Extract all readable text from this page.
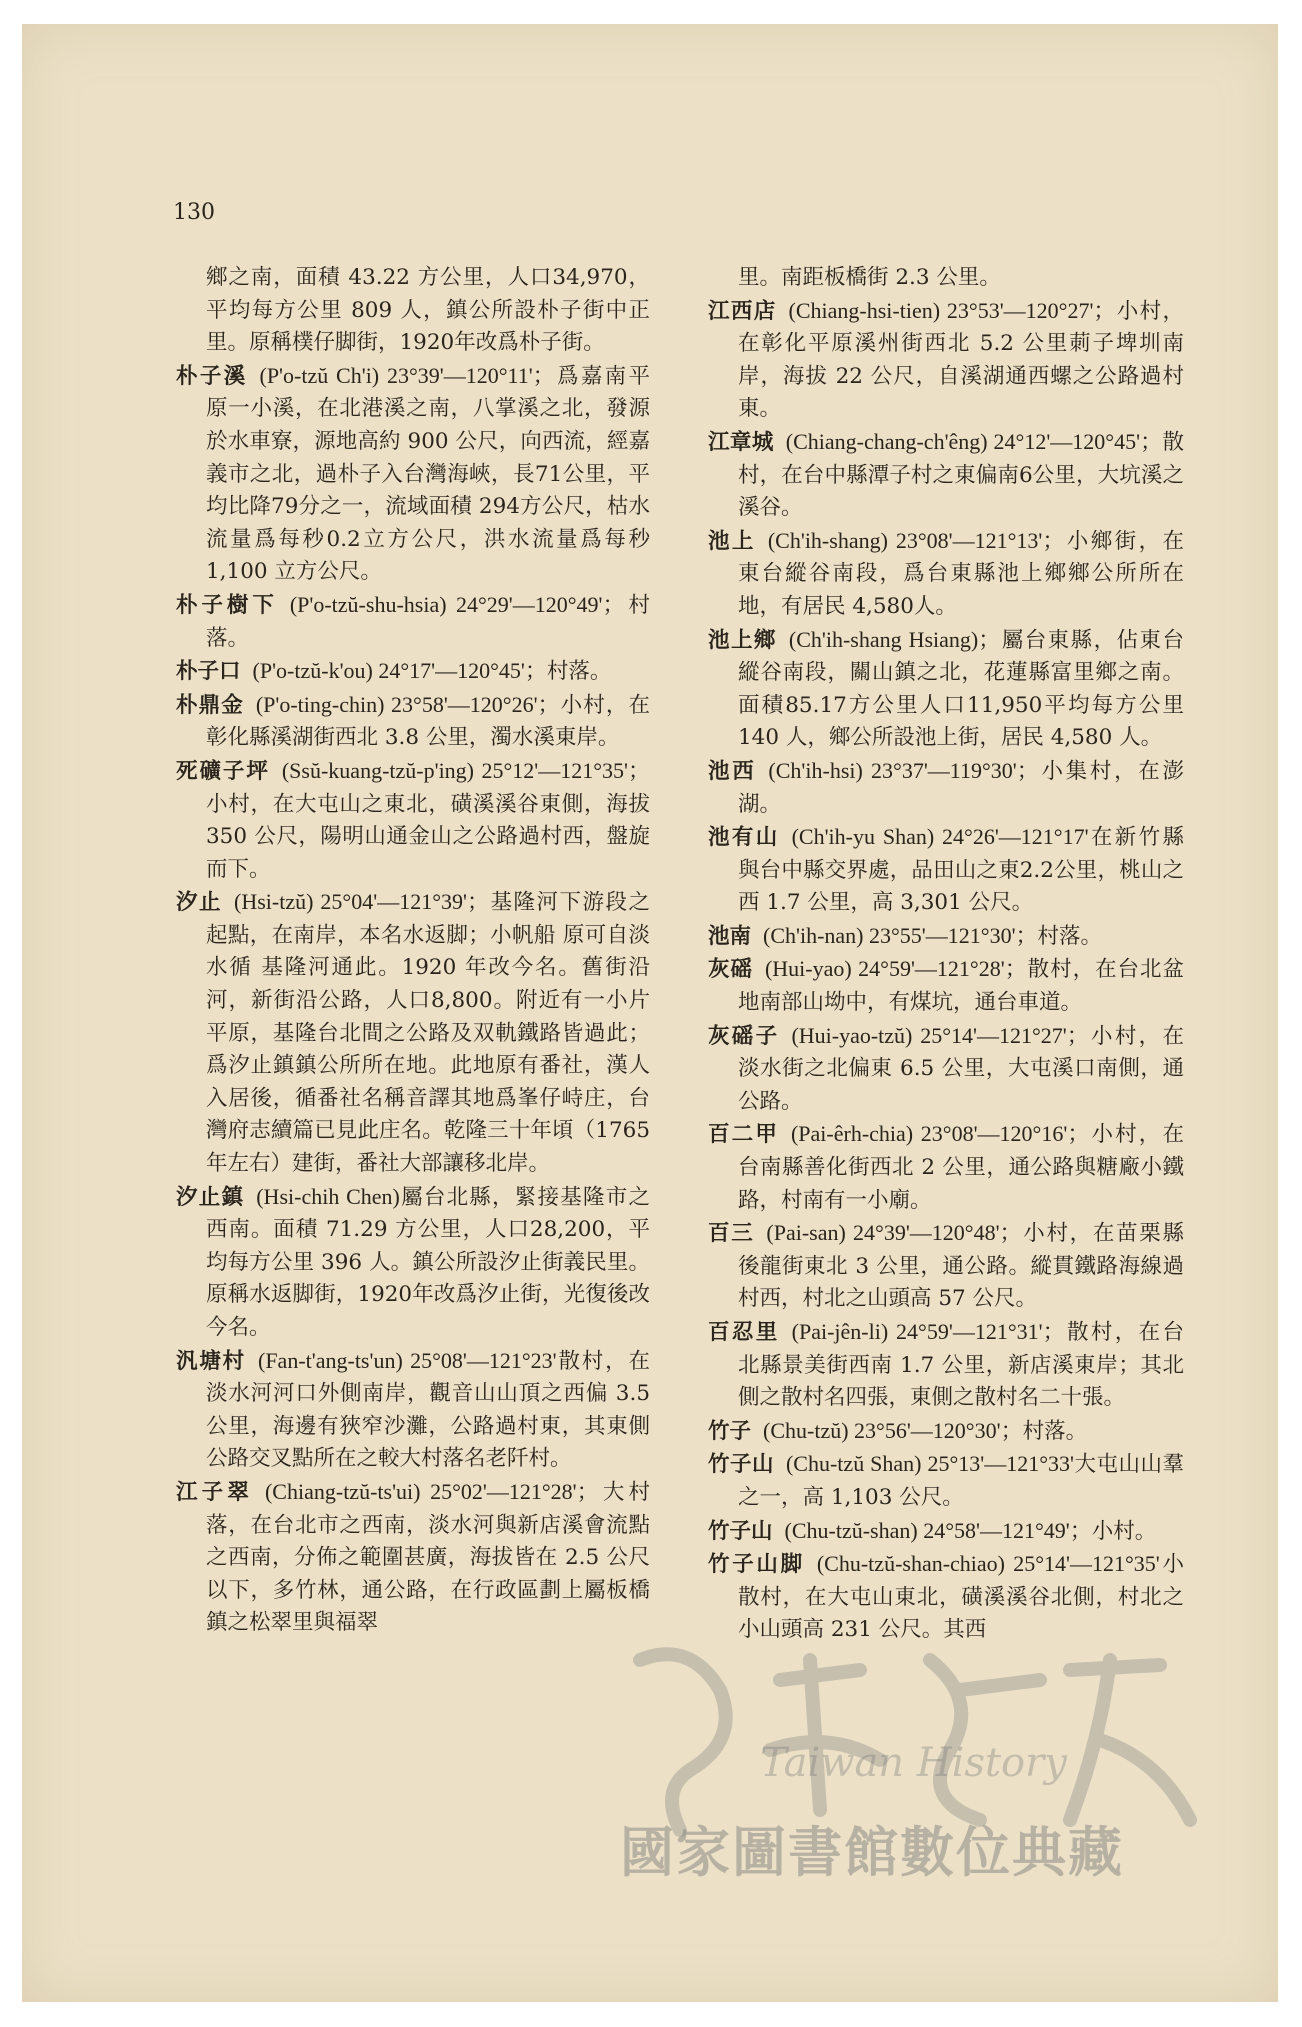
130

鄉之南，面積 43.22 方公里，人口34,970，平均每方公里 809 人，鎮公所設朴子街中正里。原稱樸仔脚街，1920年改爲朴子街。

朴子溪 (P'o-tzŭ Ch'i) 23°39'—120°11'；爲嘉南平原一小溪，在北港溪之南，八掌溪之北，發源於水車寮，源地高約 900 公尺，向西流，經嘉義市之北，過朴子入台灣海峽，長71公里，平均比降79分之一，流域面積 294方公尺，枯水流量爲每秒0.2立方公尺，洪水流量爲每秒 1,100 立方公尺。

朴子樹下 (P'o-tzŭ-shu-hsia) 24°29'—120°49'；村落。

朴子口 (P'o-tzŭ-k'ou) 24°17'—120°45'；村落。

朴鼎金 (P'o-ting-chin) 23°58'—120°26'；小村，在彰化縣溪湖街西北 3.8 公里，濁水溪東岸。

死礦子坪 (Ssŭ-kuang-tzŭ-p'ing) 25°12'—121°35'；小村，在大屯山之東北，磺溪溪谷東側，海拔 350 公尺，陽明山通金山之公路過村西，盤旋而下。

汐止 (Hsi-tzŭ) 25°04'—121°39'；基隆河下游段之起點，在南岸，本名水返脚；小帆船 原可自淡水循 基隆河通此。1920 年改今名。舊街沿河，新街沿公路，人口8,800。附近有一小片平原，基隆台北間之公路及双軌鐵路皆過此；爲汐止鎮鎮公所所在地。此地原有番社，漢人入居後，循番社名稱音譯其地爲峯仔峙庄，台灣府志續篇已見此庄名。乾隆三十年頃（1765年左右）建街，番社大部讓移北岸。

汐止鎮 (Hsi-chih Chen)屬台北縣，緊接基隆市之西南。面積 71.29 方公里，人口28,200，平均每方公里 396 人。鎮公所設汐止街義民里。原稱水返脚街，1920年改爲汐止街，光復後改今名。

汎塘村 (Fan-t'ang-ts'un) 25°08'—121°23'散村，在淡水河河口外側南岸，觀音山山頂之西偏 3.5 公里，海邊有狹窄沙灘，公路過村東，其東側公路交叉點所在之較大村落名老阡村。

江子翠 (Chiang-tzŭ-ts'ui) 25°02'—121°28'；大村落，在台北市之西南，淡水河與新店溪會流點之西南，分佈之範圍甚廣，海拔皆在 2.5 公尺以下，多竹林，通公路，在行政區劃上屬板橋鎮之松翠里與福翠

里。南距板橋街 2.3 公里。

江西店 (Chiang-hsi-tien) 23°53'—120°27'；小村，在彰化平原溪州街西北 5.2 公里莿子埤圳南岸，海拔 22 公尺，自溪湖通西螺之公路過村東。

江章城 (Chiang-chang-ch'êng) 24°12'—120°45'；散村，在台中縣潭子村之東偏南6公里，大坑溪之溪谷。

池上 (Ch'ih-shang) 23°08'—121°13'；小鄉街，在東台縱谷南段，爲台東縣池上鄉鄉公所所在地，有居民 4,580人。

池上鄉 (Ch'ih-shang Hsiang)；屬台東縣，佔東台縱谷南段，關山鎮之北，花蓮縣富里鄉之南。面積85.17方公里人口11,950平均每方公里 140 人，鄉公所設池上街，居民 4,580 人。

池西 (Ch'ih-hsi) 23°37'—119°30'；小集村，在澎湖。

池有山 (Ch'ih-yu Shan) 24°26'—121°17'在新竹縣與台中縣交界處，品田山之東2.2公里，桃山之西 1.7 公里，高 3,301 公尺。

池南 (Ch'ih-nan) 23°55'—121°30'；村落。

灰磘 (Hui-yao) 24°59'—121°28'；散村，在台北盆地南部山坳中，有煤坑，通台車道。

灰磘子 (Hui-yao-tzŭ) 25°14'—121°27'；小村，在淡水街之北偏東 6.5 公里，大屯溪口南側，通公路。

百二甲 (Pai-êrh-chia) 23°08'—120°16'；小村，在台南縣善化街西北 2 公里，通公路與糖廠小鐵路，村南有一小廟。

百三 (Pai-san) 24°39'—120°48'；小村，在苗栗縣後龍街東北 3 公里，通公路。縱貫鐵路海線過村西，村北之山頭高 57 公尺。

百忍里 (Pai-jên-li) 24°59'—121°31'；散村，在台北縣景美街西南 1.7 公里，新店溪東岸；其北側之散村名四張，東側之散村名二十張。

竹子 (Chu-tzŭ) 23°56'—120°30'；村落。

竹子山 (Chu-tzŭ Shan) 25°13'—121°33'大屯山山羣之一，高 1,103 公尺。

竹子山 (Chu-tzŭ-shan) 24°58'—121°49'；小村。

竹子山脚 (Chu-tzŭ-shan-chiao) 25°14'—121°35'小散村，在大屯山東北，磺溪溪谷北側，村北之小山頭高 231 公尺。其西

Taiwan History
國家圖書館數位典藏
